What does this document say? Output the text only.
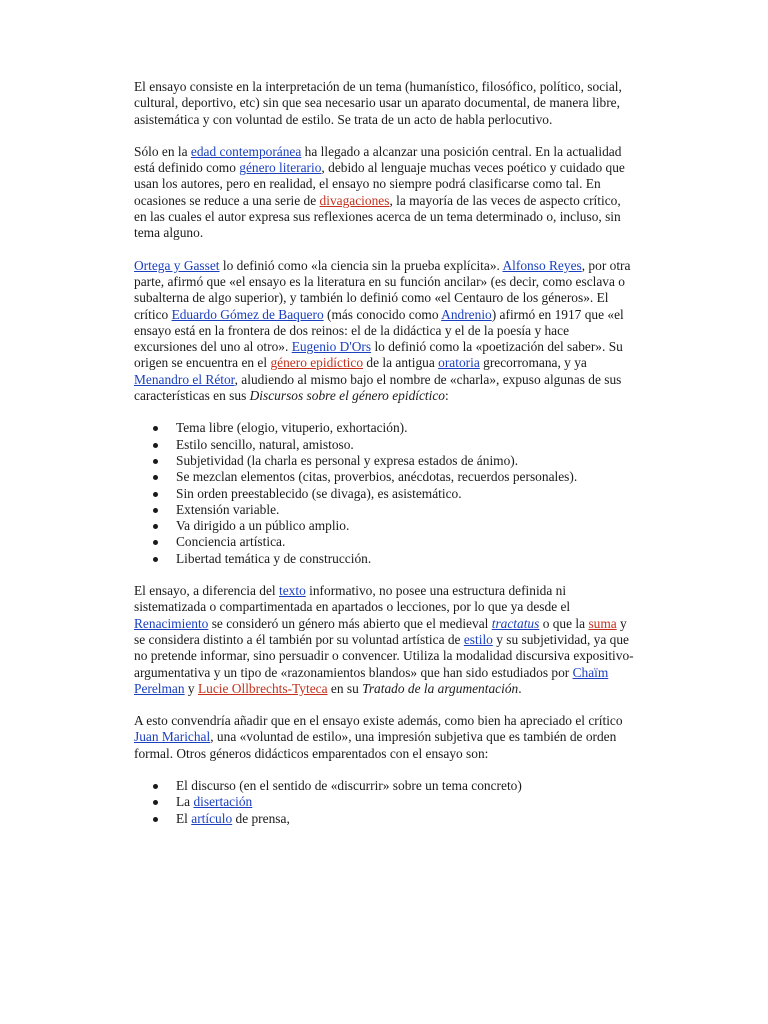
El ensayo consiste en la interpretación de un tema (humanístico, filosófico, político, social, cultural, deportivo, etc) sin que sea necesario usar un aparato documental, de manera libre, asistemática y con voluntad de estilo. Se trata de un acto de habla perlocutivo.

Sólo en la edad contemporánea ha llegado a alcanzar una posición central. En la actualidad está definido como género literario, debido al lenguaje muchas veces poético y cuidado que usan los autores, pero en realidad, el ensayo no siempre podrá clasificarse como tal. En ocasiones se reduce a una serie de divagaciones, la mayoría de las veces de aspecto crítico, en las cuales el autor expresa sus reflexiones acerca de un tema determinado o, incluso, sin tema alguno.

Ortega y Gasset lo definió como «la ciencia sin la prueba explícita». Alfonso Reyes, por otra parte, afirmó que «el ensayo es la literatura en su función ancilar» (es decir, como esclava o subalterna de algo superior), y también lo definió como «el Centauro de los géneros». El crítico Eduardo Gómez de Baquero (más conocido como Andrenio) afirmó en 1917 que «el ensayo está en la frontera de dos reinos: el de la didáctica y el de la poesía y hace excursiones del uno al otro». Eugenio D'Ors lo definió como la «poetización del saber». Su origen se encuentra en el género epidíctico de la antigua oratoria grecorromana, y ya Menandro el Rétor, aludiendo al mismo bajo el nombre de «charla», expuso algunas de sus características en sus Discursos sobre el género epidíctico:

Tema libre (elogio, vituperio, exhortación).
Estilo sencillo, natural, amistoso.
Subjetividad (la charla es personal y expresa estados de ánimo).
Se mezclan elementos (citas, proverbios, anécdotas, recuerdos personales).
Sin orden preestablecido (se divaga), es asistemático.
Extensión variable.
Va dirigido a un público amplio.
Conciencia artística.
Libertad temática y de construcción.

El ensayo, a diferencia del texto informativo, no posee una estructura definida ni sistematizada o compartimentada en apartados o lecciones, por lo que ya desde el Renacimiento se consideró un género más abierto que el medieval tractatus o que la suma y se considera distinto a él también por su voluntad artística de estilo y su subjetividad, ya que no pretende informar, sino persuadir o convencer. Utiliza la modalidad discursiva expositivo-argumentativa y un tipo de «razonamientos blandos» que han sido estudiados por Chaïm Perelman y Lucie Ollbrechts-Tyteca en su Tratado de la argumentación.

A esto convendría añadir que en el ensayo existe además, como bien ha apreciado el crítico Juan Marichal, una «voluntad de estilo», una impresión subjetiva que es también de orden formal. Otros géneros didácticos emparentados con el ensayo son:

El discurso (en el sentido de «discurrir» sobre un tema concreto)
La disertación
El artículo de prensa,
